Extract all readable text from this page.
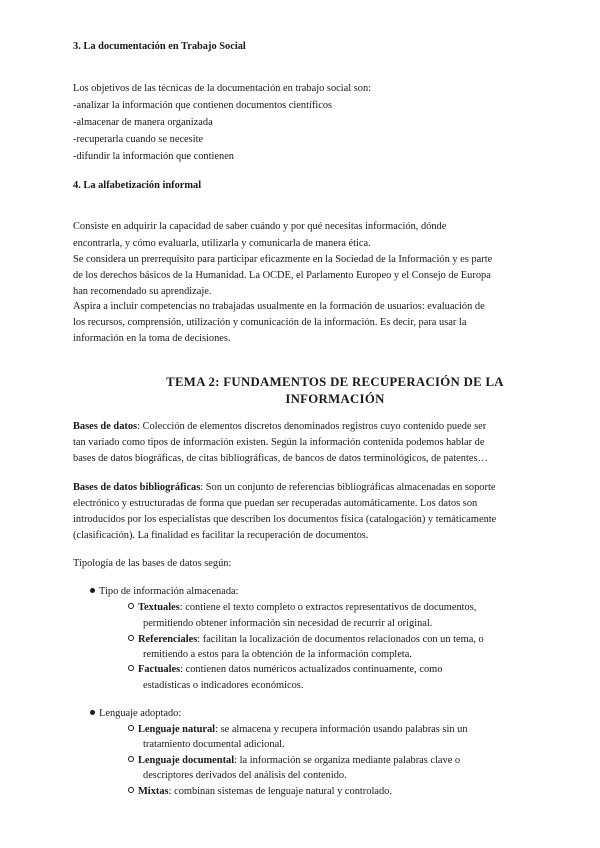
3. La documentación en Trabajo Social
Los objetivos de las técnicas de la documentación en trabajo social son:
-analizar la información que contienen documentos científicos
-almacenar de manera organizada
-recuperarla cuando se necesite
-difundir la información que contienen
4. La alfabetización informal
Consiste en adquirir la capacidad de saber cuándo y por qué necesitas información, dónde
encontrarla, y cómo evaluarla, utilizarla y comunicarla de manera ética.
Se considera un prerrequisito para participar eficazmente en la Sociedad de la Información y es parte
de los derechos básicos de la Humanidad. La OCDE, el Parlamento Europeo y el Consejo de Europa
han recomendado su aprendizaje.
Aspira a incluir competencias no trabajadas usualmente en la formación de usuarios: evaluación de
los recursos, comprensión, utilización y comunicación de la información. Es decir, para usar la
información en la toma de decisiones.
TEMA 2: FUNDAMENTOS DE RECUPERACIÓN DE LA
INFORMACIÓN
Bases de datos: Colección de elementos discretos denominados registros cuyo contenido puede ser
tan variado como tipos de información existen. Según la información contenida podemos hablar de
bases de datos biográficas, de citas bibliográficas, de bancos de datos terminológicos, de patentes…
Bases de datos bibliográficas: Son un conjunto de referencias bibliográficas almacenadas en soporte
electrónico y estructuradas de forma que puedan ser recuperadas automáticamente. Los datos son
introducidos por los especialistas que describen los documentos física (catalogación) y temáticamente
(clasificación). La finalidad es facilitar la recuperación de documentos.
Tipología de las bases de datos según:
Tipo de información almacenada:
Textuales: contiene el texto completo o extractos representativos de documentos,
permitiendo obtener información sin necesidad de recurrir al original.
Referenciales: facilitan la localización de documentos relacionados con un tema, o
remitiendo a estos para la obtención de la información completa.
Factuales: contienen datos numéricos actualizados continuamente, como
estadísticas o indicadores económicos.
Lenguaje adoptado:
Lenguaje natural: se almacena y recupera información usando palabras sin un
tratamiento documental adicional.
Lenguaje documental: la información se organiza mediante palabras clave o
descriptores derivados del análisis del contenido.
Mixtas: combinan sistemas de lenguaje natural y controlado.
